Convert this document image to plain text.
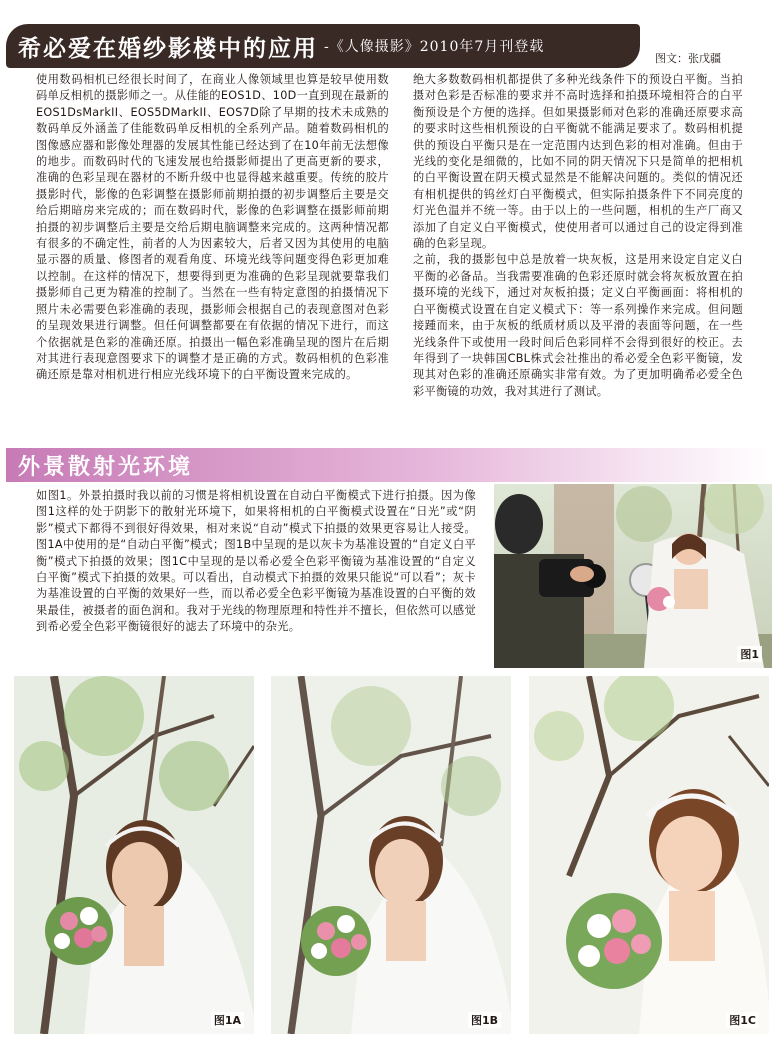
希必爱在婚纱影楼中的应用 -《人像摄影》2010年7月刊登载
图文：张戊疆

使用数码相机已经很长时间了，在商业人像领域里也算是较早使用数码单反相机的摄影师之一。从佳能的EOS1D、10D一直到现在最新的EOS1DsMarkII、EOS5DMarkII、EOS7D除了早期的技术未成熟的数码单反外涵盖了佳能数码单反相机的全系列产品。随着数码相机的图像感应器和影像处理器的发展其性能已经达到了在10年前无法想像的地步。而数码时代的飞速发展也给摄影师提出了更高更新的要求，准确的色彩呈现在器材的不断升级中也显得越来越重要。传统的胶片摄影时代，影像的色彩调整在摄影师前期拍摄的初步调整后主要是交给后期暗房来完成的；而在数码时代，影像的色彩调整在摄影师前期拍摄的初步调整后主要是交给后期电脑调整来完成的。这两种情况都有很多的不确定性，前者的人为因素较大，后者又因为其使用的电脑显示器的质量、修图者的观看角度、环境光线等问题变得色彩更加难以控制。在这样的情况下，想要得到更为准确的色彩呈现就要靠我们摄影师自己更为精准的控制了。当然在一些有特定意图的拍摄情况下照片未必需要色彩准确的表现，摄影师会根据自己的表现意图对色彩的呈现效果进行调整。但任何调整都要在有依据的情况下进行，而这个依据就是色彩的准确还原。拍摄出一幅色彩准确呈现的图片在后期对其进行表现意图要求下的调整才是正确的方式。数码相机的色彩准确还原是靠对相机进行相应光线环境下的白平衡设置来完成的。

绝大多数数码相机都提供了多种光线条件下的预设白平衡。当拍摄对色彩是否标准的要求并不高时选择和拍摄环境相符合的白平衡预设是个方便的选择。但如果摄影师对色彩的准确还原要求高的要求时这些相机预设的白平衡就不能满足要求了。数码相机提供的预设白平衡只是在一定范围内达到色彩的相对准确。但由于光线的变化是细微的，比如不同的阴天情况下只是简单的把相机的白平衡设置在阴天模式显然是不能解决问题的。类似的情况还有相机提供的钨丝灯白平衡模式，但实际拍摄条件下不同亮度的灯光色温并不统一等。由于以上的一些问题，相机的生产厂商又添加了自定义白平衡模式，使使用者可以通过自己的设定得到准确的色彩呈现。

之前，我的摄影包中总是放着一块灰板，这是用来设定自定义白平衡的必备品。当我需要准确的色彩还原时就会将灰板放置在拍摄环境的光线下，通过对灰板拍摄；定义白平衡画面：将相机的白平衡模式设置在自定义模式下：等一系列操作来完成。但问题接踵而来，由于灰板的纸质材质以及平滑的表面等问题，在一些光线条件下或使用一段时间后色彩同样不会得到很好的校正。去年得到了一块韩国CBL株式会社推出的希必爱全色彩平衡镜，发现其对色彩的准确还原确实非常有效。为了更加明确希必爱全色彩平衡镜的功效，我对其进行了测试。

外景散射光环境

如图1。外景拍摄时我以前的习惯是将相机设置在自动白平衡模式下进行拍摄。因为像图1这样的处于阴影下的散射光环境下，如果将相机的白平衡模式设置在“日光”或“阴影”模式下都得不到很好得效果，相对来说“自动”模式下拍摄的效果更容易让人接受。图1A中使用的是“自动白平衡”模式；图1B中呈现的是以灰卡为基准设置的“自定义白平衡”模式下拍摄的效果；图1C中呈现的是以希必爱全色彩平衡镜为基准设置的“自定义白平衡”模式下拍摄的效果。可以看出，自动模式下拍摄的效果只能说“可以看”；灰卡为基准设置的白平衡的效果好一些，而以希必爱全色彩平衡镜为基准设置的白平衡的效果最佳，被摄者的面色润和。我对于光线的物理原理和特性并不擅长，但依然可以感觉到希必爱全色彩平衡镜很好的滤去了环境中的杂光。

图1
图1A	图1B	图1C
